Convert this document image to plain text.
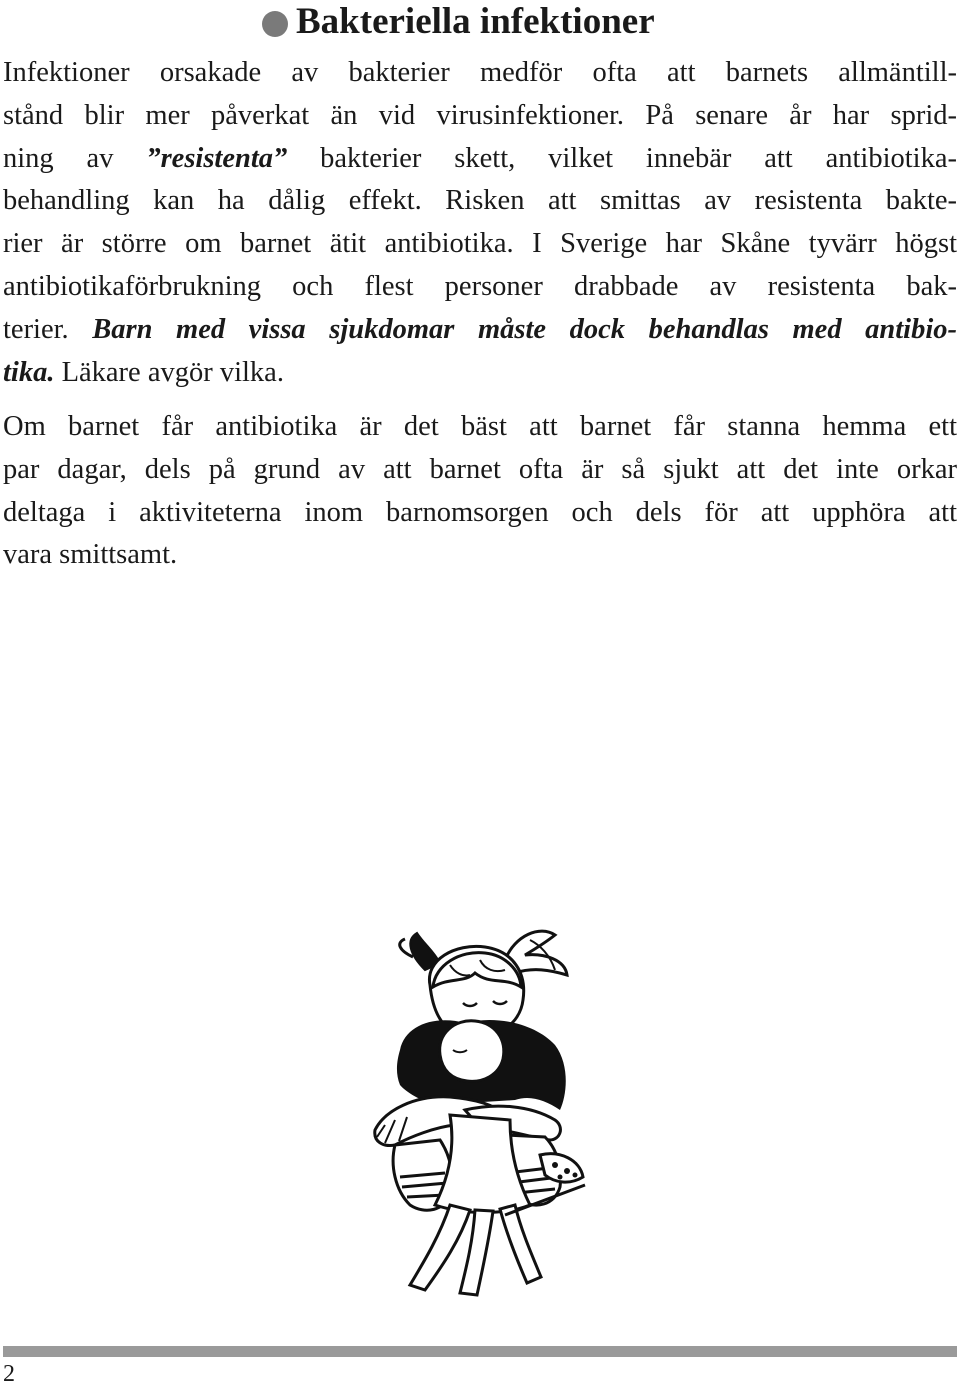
Bakteriella infektioner
Infektioner orsakade av bakterier medför ofta att barnets allmäntill-
stånd blir mer påverkat än vid virusinfektioner. På senare år har sprid-
ning av ”resistenta” bakterier skett, vilket innebär att antibiotika-
behandling kan ha dålig effekt. Risken att smittas av resistenta bakte-
rier är större om barnet ätit antibiotika. I Sverige har Skåne tyvärr högst
antibiotikaförbrukning och flest personer drabbade av resistenta bak-
terier. Barn med vissa sjukdomar måste dock behandlas med antibio-
tika. Läkare avgör vilka.
Om barnet får antibiotika är det bäst att barnet får stanna hemma ett
par dagar, dels på grund av att barnet ofta är så sjukt att det inte orkar
deltaga i aktiviteterna inom barnomsorgen och dels för att upphöra att
vara smittsamt.
2
